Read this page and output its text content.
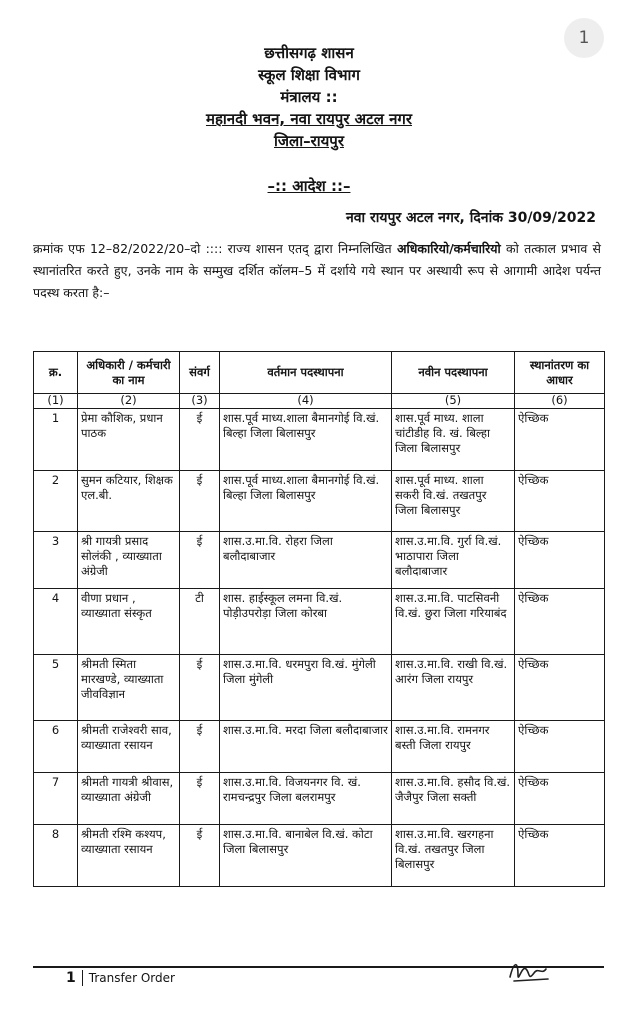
1
छत्तीसगढ़ शासन
स्कूल शिक्षा विभाग
मंत्रालय ::
महानदी भवन, नवा रायपुर अटल नगर
जिला–रायपुर
–:: आदेश ::–
नवा रायपुर अटल नगर, दिनांक 30/09/2022
क्रमांक एफ 12–82/2022/20–दो :::: राज्य शासन एतद् द्वारा निम्नलिखित अधिकारियो/कर्मचारियो को तत्काल प्रभाव से स्थानांतरित करते हुए, उनके नाम के सम्मुख दर्शित कॉलम–5 में दर्शाये गये स्थान पर अस्थायी रूप से आगामी आदेश पर्यन्त पदस्थ करता है:–
क्र.	अधिकारी / कर्मचारी का नाम	संवर्ग	वर्तमान पदस्थापना	नवीन पदस्थापना	स्थानांतरण का आधार
(1)	(2)	(3)	(4)	(5)	(6)
1	प्रेमा कौशिक, प्रधान पाठक	ई	शास.पूर्व माध्य.शाला बैमानगोई वि.खं. बिल्हा जिला बिलासपुर	शास.पूर्व माध्य. शाला चांटीडीह वि. खं. बिल्हा जिला बिलासपुर	ऐच्छिक
2	सुमन कटियार, शिक्षक एल.बी.	ई	शास.पूर्व माध्य.शाला बैमानगोई वि.खं. बिल्हा जिला बिलासपुर	शास.पूर्व माध्य. शाला सकरी वि.खं. तखतपुर जिला बिलासपुर	ऐच्छिक
3	श्री गायत्री प्रसाद सोलंकी , व्याख्याता अंग्रेजी	ई	शास.उ.मा.वि. रोहरा जिला बलौदाबाजार	शास.उ.मा.वि. गुर्रा वि.खं. भाठापारा जिला बलौदाबाजार	ऐच्छिक
4	वीणा प्रधान , व्याख्याता संस्कृत	टी	शास. हाईस्कूल लमना वि.खं. पोड़ीउपरोड़ा जिला कोरबा	शास.उ.मा.वि. पाटसिवनी वि.खं. छुरा जिला गरियाबंद	ऐच्छिक
5	श्रीमती स्मिता मारखण्डे, व्याख्याता जीवविज्ञान	ई	शास.उ.मा.वि. धरमपुरा वि.खं. मुंगेली जिला मुंगेली	शास.उ.मा.वि. राखी वि.खं. आरंग जिला रायपुर	ऐच्छिक
6	श्रीमती राजेश्वरी साव, व्याख्याता रसायन	ई	शास.उ.मा.वि. मरदा जिला बलौदाबाजार	शास.उ.मा.वि. रामनगर बस्ती जिला रायपुर	ऐच्छिक
7	श्रीमती गायत्री श्रीवास, व्याख्याता अंग्रेजी	ई	शास.उ.मा.वि. विजयनगर वि. खं. रामचन्द्रपुर जिला बलरामपुर	शास.उ.मा.वि. हसौद वि.खं. जैजैपुर जिला सक्ती	ऐच्छिक
8	श्रीमती रश्मि कश्यप, व्याख्याता रसायन	ई	शास.उ.मा.वि. बानाबेल वि.खं. कोटा जिला बिलासपुर	शास.उ.मा.वि. खरगहना वि.खं. तखतपुर जिला बिलासपुर	ऐच्छिक
1	Transfer Order
